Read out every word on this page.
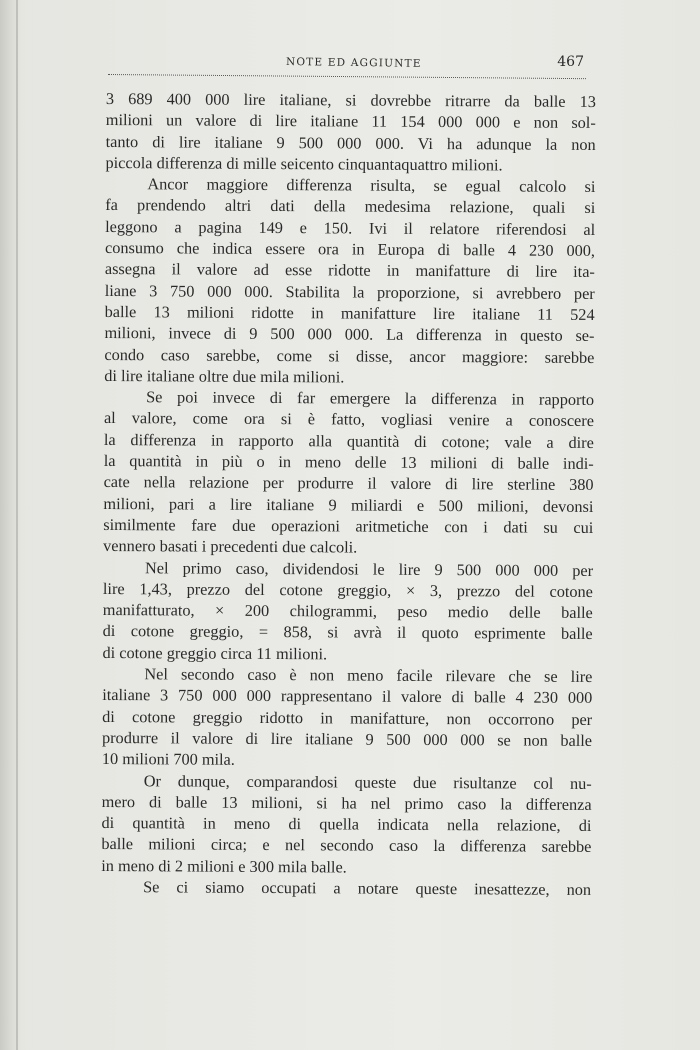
NOTE ED AGGIUNTE	467
3 689 400 000 lire italiane, si dovrebbe ritrarre da balle 13
milioni un valore di lire italiane 11 154 000 000 e non sol-
tanto di lire italiane 9 500 000 000. Vi ha adunque la non
piccola differenza di mille seicento cinquantaquattro milioni.
Ancor maggiore differenza risulta, se egual calcolo si
fa prendendo altri dati della medesima relazione, quali si
leggono a pagina 149 e 150. Ivi il relatore riferendosi al
consumo che indica essere ora in Europa di balle 4 230 000,
assegna il valore ad esse ridotte in manifatture di lire ita-
liane 3 750 000 000. Stabilita la proporzione, si avrebbero per
balle 13 milioni ridotte in manifatture lire italiane 11 524
milioni, invece di 9 500 000 000. La differenza in questo se-
condo caso sarebbe, come si disse, ancor maggiore: sarebbe
di lire italiane oltre due mila milioni.
Se poi invece di far emergere la differenza in rapporto
al valore, come ora si è fatto, vogliasi venire a conoscere
la differenza in rapporto alla quantità di cotone; vale a dire
la quantità in più o in meno delle 13 milioni di balle indi-
cate nella relazione per produrre il valore di lire sterline 380
milioni, pari a lire italiane 9 miliardi e 500 milioni, devonsi
similmente fare due operazioni aritmetiche con i dati su cui
vennero basati i precedenti due calcoli.
Nel primo caso, dividendosi le lire 9 500 000 000 per
lire 1,43, prezzo del cotone greggio, × 3, prezzo del cotone
manifatturato, × 200 chilogrammi, peso medio delle balle
di cotone greggio, = 858, si avrà il quoto esprimente balle
di cotone greggio circa 11 milioni.
Nel secondo caso è non meno facile rilevare che se lire
italiane 3 750 000 000 rappresentano il valore di balle 4 230 000
di cotone greggio ridotto in manifatture, non occorrono per
produrre il valore di lire italiane 9 500 000 000 se non balle
10 milioni 700 mila.
Or dunque, comparandosi queste due risultanze col nu-
mero di balle 13 milioni, si ha nel primo caso la differenza
di quantità in meno di quella indicata nella relazione, di
balle milioni circa; e nel secondo caso la differenza sarebbe
in meno di 2 milioni e 300 mila balle.
Se ci siamo occupati a notare queste inesattezze, non
